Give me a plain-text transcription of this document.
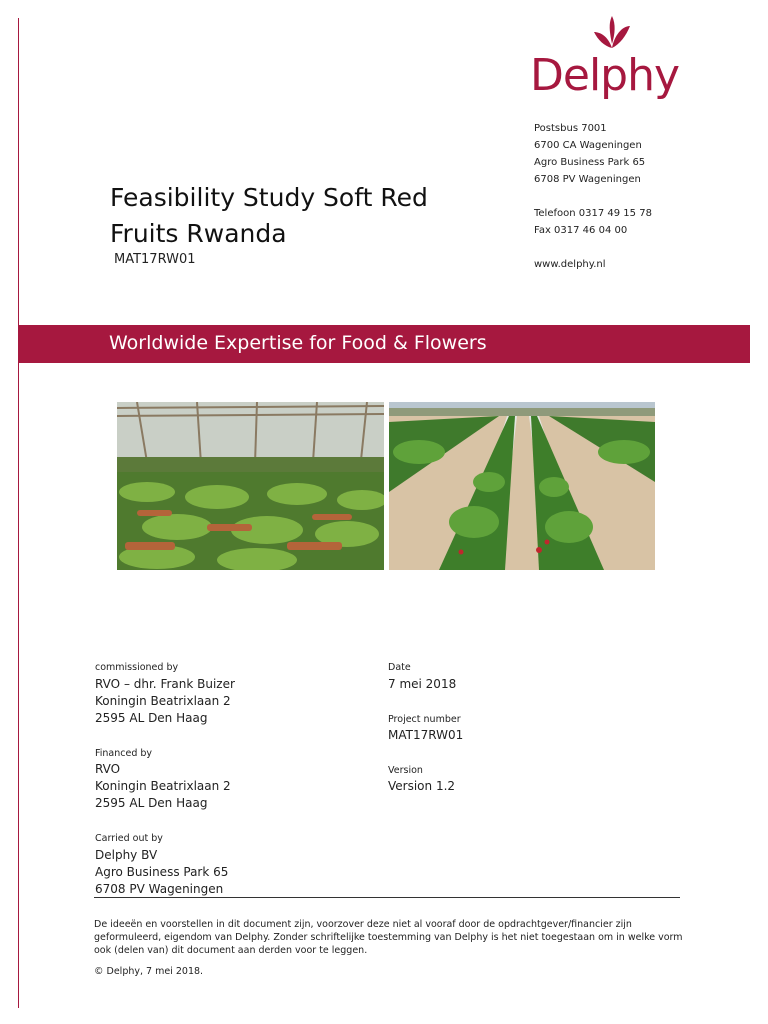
Delphy
Postsbus 7001
6700 CA Wageningen
Agro Business Park 65
6708 PV Wageningen
Telefoon 0317 49 15 78
Fax 0317 46 04 00
www.delphy.nl
Feasibility Study Soft Red
Fruits Rwanda
MAT17RW01
Worldwide Expertise for Food & Flowers
commissioned by
RVO – dhr. Frank Buizer
Koningin Beatrixlaan 2
2595 AL Den Haag
Financed by
RVO
Koningin Beatrixlaan 2
2595 AL Den Haag
Carried out by
Delphy BV
Agro Business Park 65
6708 PV Wageningen
Date
7 mei 2018
Project number
MAT17RW01
Version
Version 1.2
De ideeën en voorstellen in dit document zijn, voorzover deze niet al vooraf door de opdrachtgever/financier zijn geformuleerd, eigendom van Delphy. Zonder schriftelijke toestemming van Delphy is het niet toegestaan om in welke vorm ook (delen van) dit document aan derden voor te leggen.
© Delphy, 7 mei 2018.
